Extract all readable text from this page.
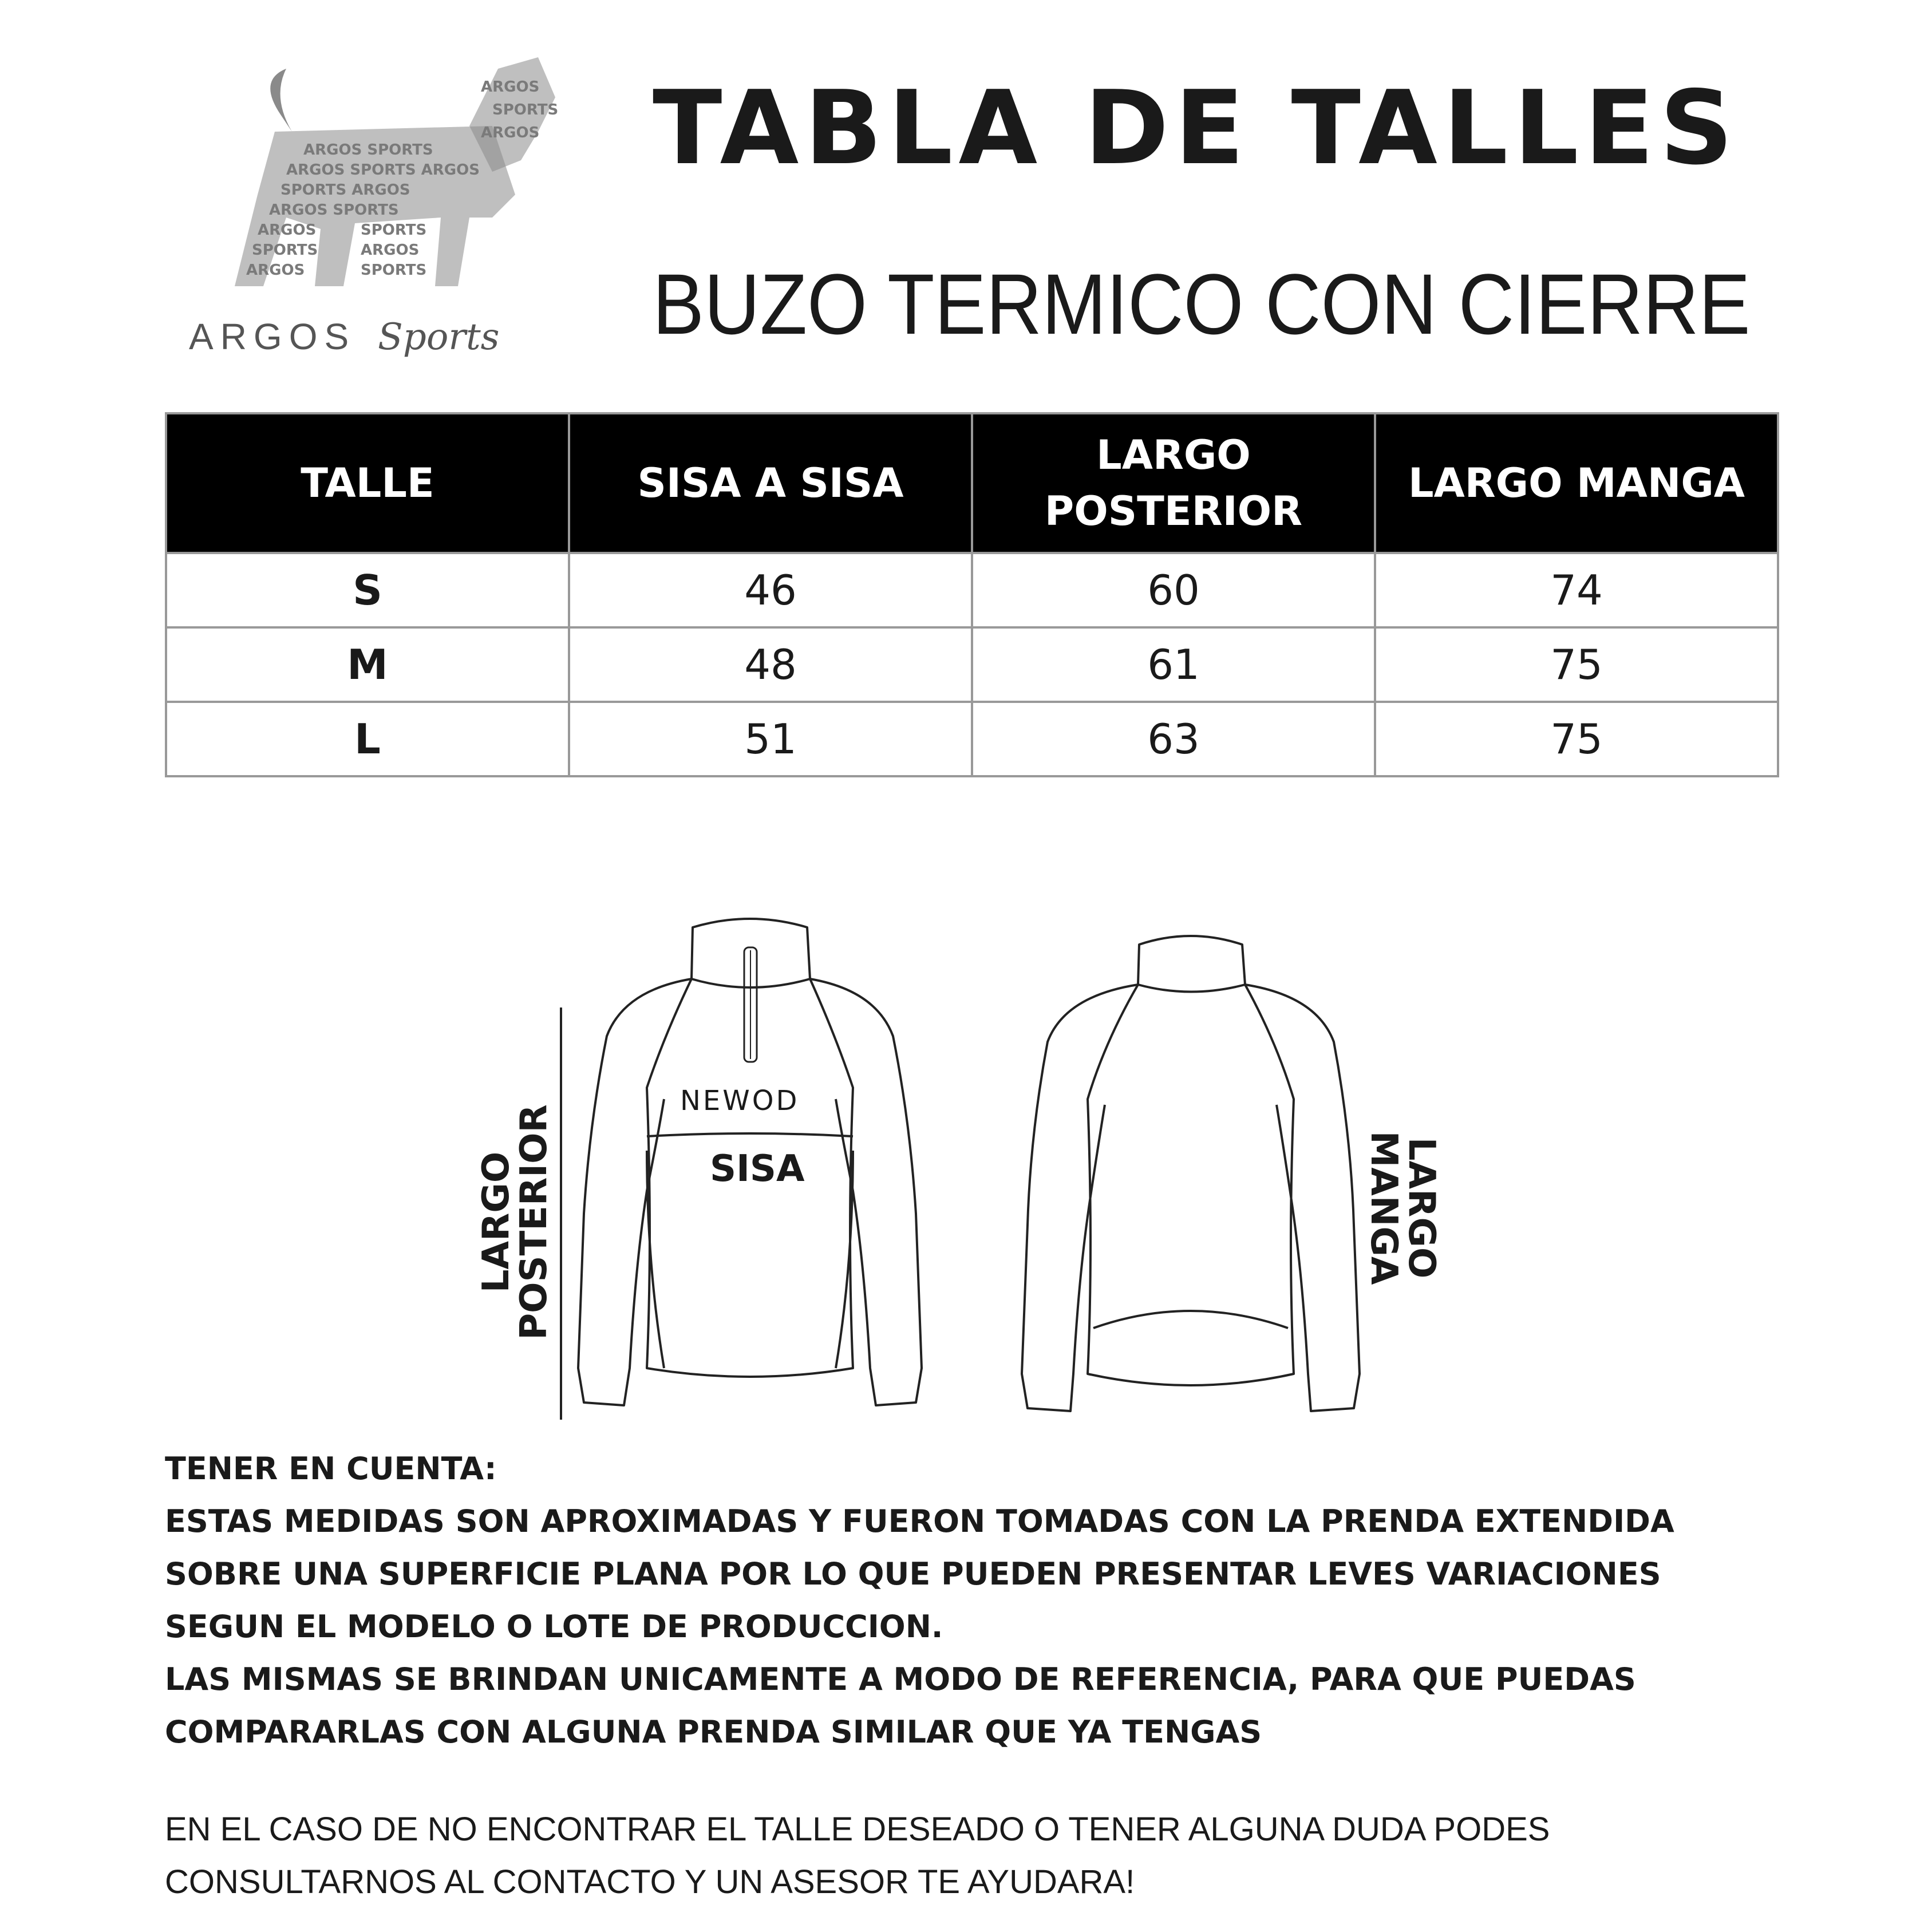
ARGOS SPORTS
ARGOS SPORTS ARGOS
SPORTS ARGOS
ARGOS SPORTS
ARGOS
SPORTS
ARGOS
SPORTS
ARGOS
SPORTS
ARGOS
SPORTS
ARGOS
ARGOS Sports
TABLA DE TALLES
BUZO TERMICO CON CIERRE
TALLE	SISA A SISA	LARGO POSTERIOR	LARGO MANGA
S	46	60	74
M	48	61	75
L	51	63	75
NEWOD
SISA
LARGO
POSTERIOR	LARGO
MANGA

TENER EN CUENTA:

ESTAS MEDIDAS SON APROXIMADAS Y FUERON TOMADAS CON LA PRENDA EXTENDIDA SOBRE UNA SUPERFICIE PLANA POR LO QUE PUEDEN PRESENTAR LEVES VARIACIONES SEGUN EL MODELO O LOTE DE PRODUCCION.

LAS MISMAS SE BRINDAN UNICAMENTE A MODO DE REFERENCIA, PARA QUE PUEDAS COMPARARLAS CON ALGUNA PRENDA SIMILAR QUE YA TENGAS

EN EL CASO DE NO ENCONTRAR EL TALLE DESEADO O TENER ALGUNA DUDA PODES CONSULTARNOS AL CONTACTO Y UN ASESOR TE AYUDARA!
